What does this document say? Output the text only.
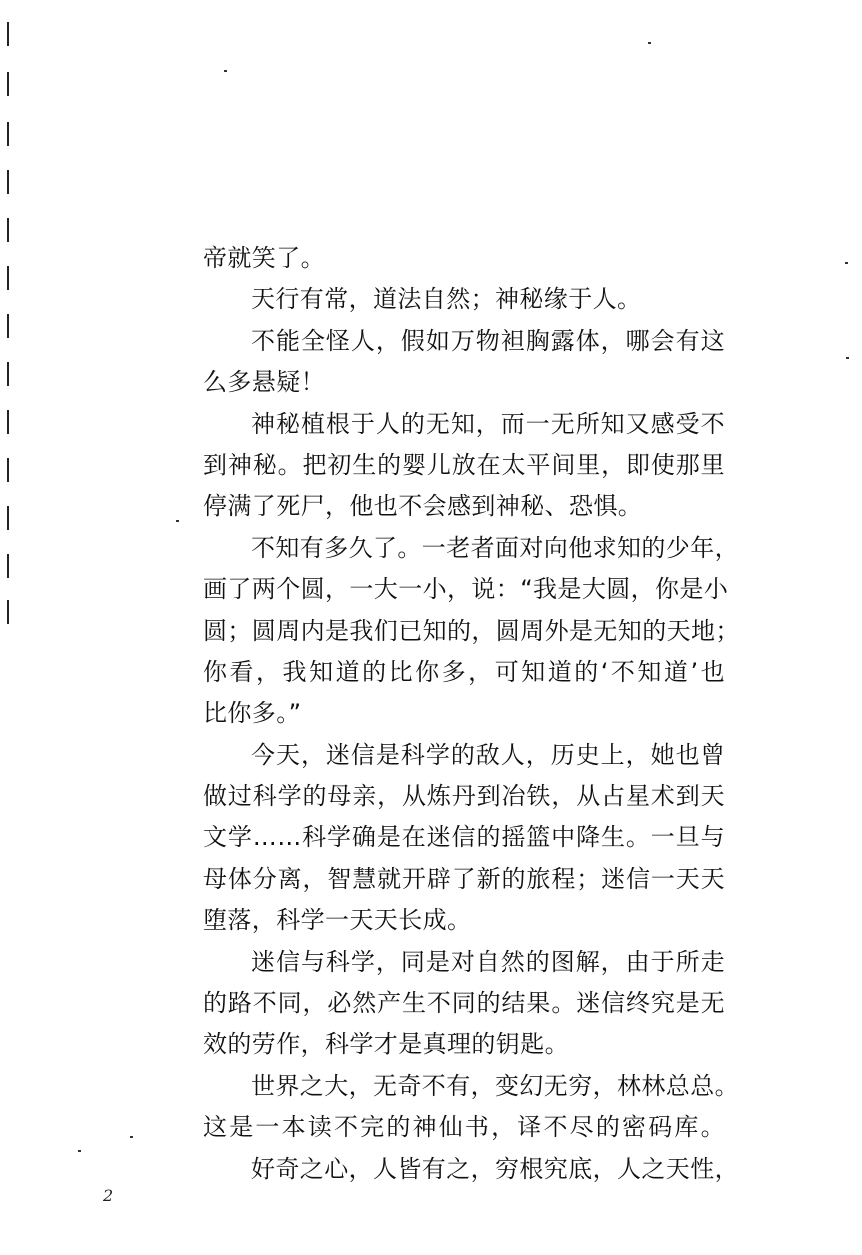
帝就笑了。
天行有常，道法自然；神秘缘于人。
不能全怪人，假如万物袒胸露体，哪会有这
么多悬疑！
神秘植根于人的无知，而一无所知又感受不
到神秘。把初生的婴儿放在太平间里，即使那里
停满了死尸，他也不会感到神秘、恐惧。
不知有多久了。一老者面对向他求知的少年，
画了两个圆，一大一小，说：“我是大圆，你是小
圆；圆周内是我们已知的，圆周外是无知的天地；
你看，我知道的比你多，可知道的‘不知道’也
比你多。”
今天，迷信是科学的敌人，历史上，她也曾
做过科学的母亲，从炼丹到冶铁，从占星术到天
文学……科学确是在迷信的摇篮中降生。一旦与
母体分离，智慧就开辟了新的旅程；迷信一天天
堕落，科学一天天长成。
迷信与科学，同是对自然的图解，由于所走
的路不同，必然产生不同的结果。迷信终究是无
效的劳作，科学才是真理的钥匙。
世界之大，无奇不有，变幻无穷，林林总总。
这是一本读不完的神仙书，译不尽的密码库。
好奇之心，人皆有之，穷根究底，人之天性，
2
